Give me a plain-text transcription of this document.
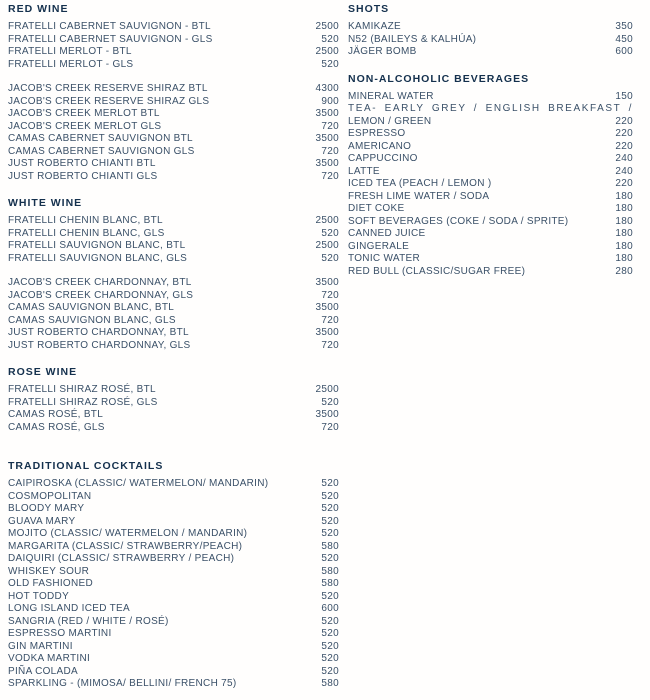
RED WINE
FRATELLI CABERNET SAUVIGNON - BTL	2500
FRATELLI CABERNET SAUVIGNON - GLS	520
FRATELLI MERLOT - BTL	2500
FRATELLI MERLOT - GLS	520
JACOB'S CREEK RESERVE SHIRAZ BTL	4300
JACOB'S CREEK RESERVE SHIRAZ GLS	900
JACOB'S CREEK MERLOT BTL	3500
JACOB'S CREEK MERLOT GLS	720
CAMAS CABERNET SAUVIGNON BTL	3500
CAMAS CABERNET SAUVIGNON GLS	720
JUST ROBERTO CHIANTI BTL	3500
JUST ROBERTO CHIANTI GLS	720
WHITE WINE
FRATELLI CHENIN BLANC, BTL	2500
FRATELLI CHENIN BLANC, GLS	520
FRATELLI SAUVIGNON BLANC, BTL	2500
FRATELLI SAUVIGNON BLANC, GLS	520
JACOB'S CREEK CHARDONNAY, BTL	3500
JACOB'S CREEK CHARDONNAY, GLS	720
CAMAS SAUVIGNON BLANC, BTL	3500
CAMAS SAUVIGNON BLANC, GLS	720
JUST ROBERTO CHARDONNAY, BTL	3500
JUST ROBERTO CHARDONNAY, GLS	720
ROSE WINE
FRATELLI SHIRAZ ROSÉ, BTL	2500
FRATELLI SHIRAZ ROSÉ, GLS	520
CAMAS ROSÉ, BTL	3500
CAMAS ROSÉ, GLS	720
TRADITIONAL COCKTAILS
CAIPIROSKA (CLASSIC/ WATERMELON/ MANDARIN)	520
COSMOPOLITAN	520
BLOODY MARY	520
GUAVA MARY	520
MOJITO (CLASSIC/ WATERMELON / MANDARIN)	520
MARGARITA (CLASSIC/ STRAWBERRY/PEACH)	580
DAIQUIRI (CLASSIC/ STRAWBERRY / PEACH)	520
WHISKEY SOUR	580
OLD FASHIONED	580
HOT TODDY	520
LONG ISLAND ICED TEA	600
SANGRIA (RED / WHITE / ROSÉ)	520
ESPRESSO MARTINI	520
GIN MARTINI	520
VODKA MARTINI	520
PIÑA COLADA	520
SPARKLING - (MIMOSA/ BELLINI/ FRENCH 75)	580
SHOTS
KAMIKAZE	350
N52 (BAILEYS & KALHÚA)	450
JÄGER BOMB	600
NON-ALCOHOLIC BEVERAGES
MINERAL WATER	150
TEA- EARLY GREY / ENGLISH BREAKFAST /
LEMON / GREEN	220
ESPRESSO	220
AMERICANO	220
CAPPUCCINO	240
LATTE	240
ICED TEA (PEACH / LEMON )	220
FRESH LIME WATER / SODA	180
DIET COKE	180
SOFT BEVERAGES (COKE / SODA / SPRITE)	180
CANNED JUICE	180
GINGERALE	180
TONIC WATER	180
RED BULL (CLASSIC/SUGAR FREE)	280
